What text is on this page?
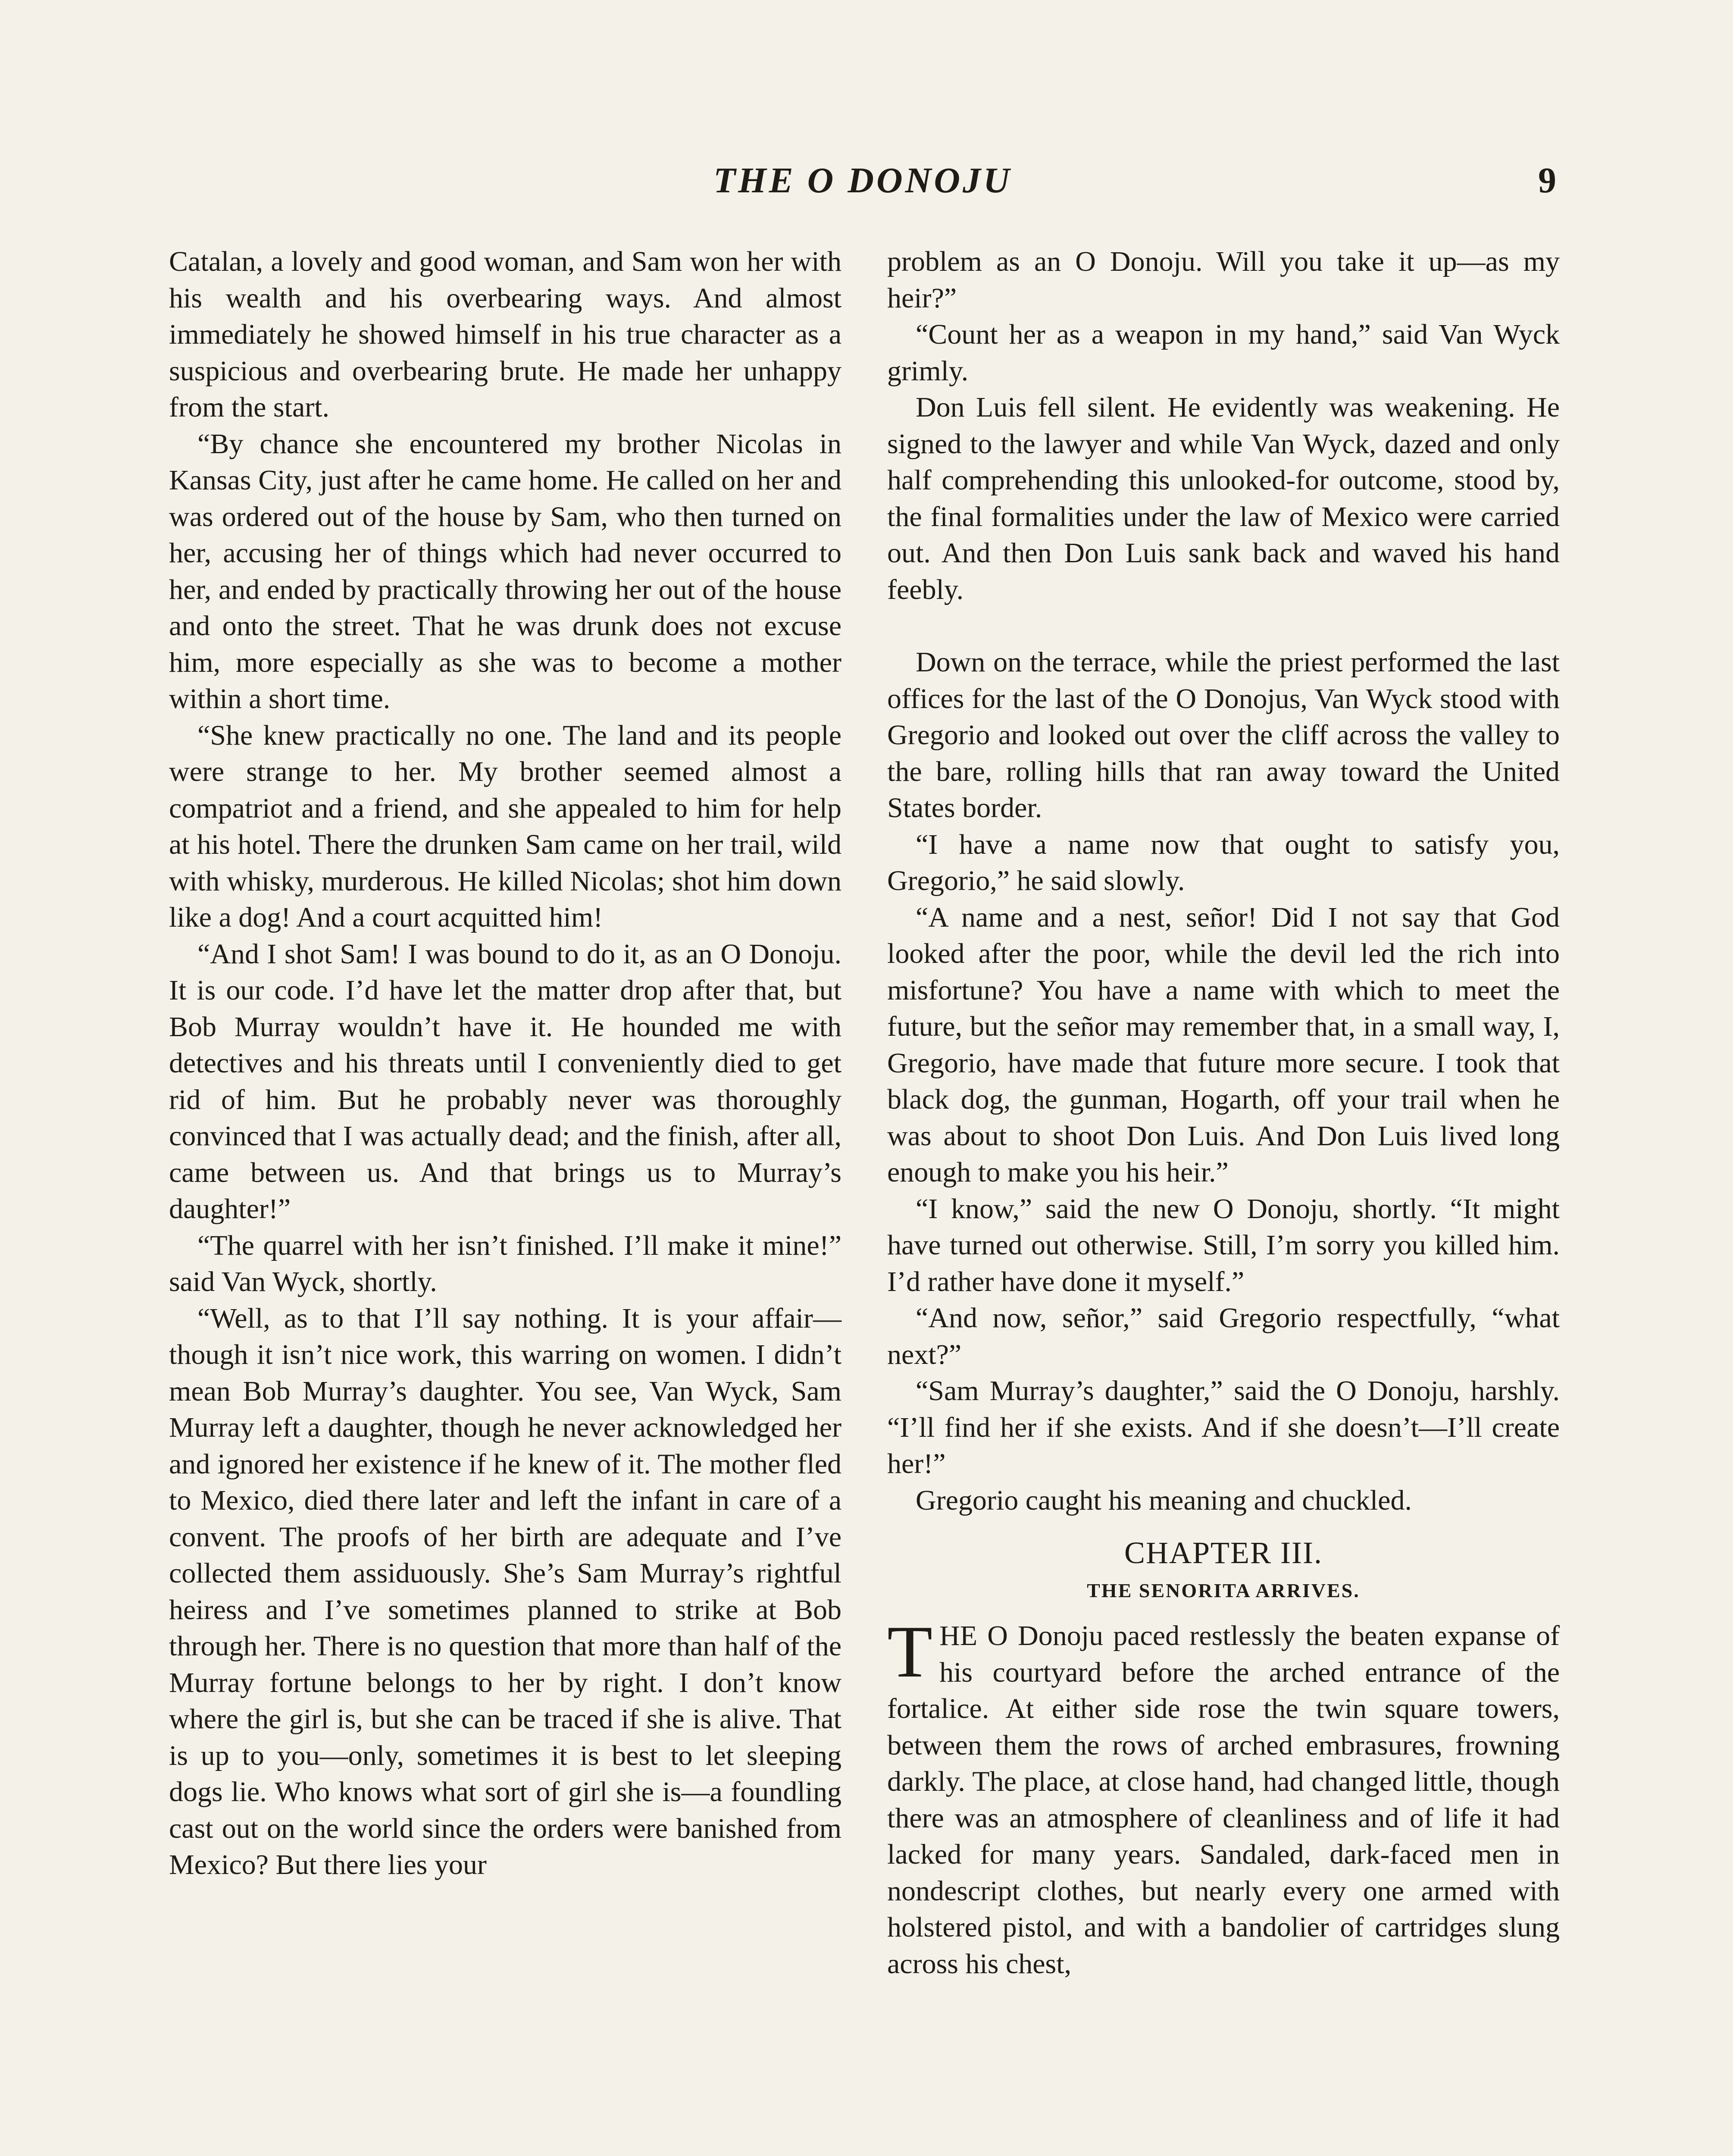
THE O DONOJU	9

Catalan, a lovely and good woman, and Sam won her with his wealth and his overbearing ways. And almost immediately he showed himself in his true character as a suspicious and overbearing brute. He made her unhappy from the start.

“By chance she encountered my brother Nicolas in Kansas City, just after he came home. He called on her and was ordered out of the house by Sam, who then turned on her, accusing her of things which had never occurred to her, and ended by practically throwing her out of the house and onto the street. That he was drunk does not excuse him, more especially as she was to become a mother within a short time.

“She knew practically no one. The land and its people were strange to her. My brother seemed almost a compatriot and a friend, and she appealed to him for help at his hotel. There the drunken Sam came on her trail, wild with whisky, murderous. He killed Nicolas; shot him down like a dog! And a court acquitted him!

“And I shot Sam! I was bound to do it, as an O Donoju. It is our code. I’d have let the matter drop after that, but Bob Murray wouldn’t have it. He hounded me with detectives and his threats until I conveniently died to get rid of him. But he probably never was thoroughly convinced that I was actually dead; and the finish, after all, came between us. And that brings us to Murray’s daughter!”

“The quarrel with her isn’t finished. I’ll make it mine!” said Van Wyck, shortly.

“Well, as to that I’ll say nothing. It is your affair—though it isn’t nice work, this warring on women. I didn’t mean Bob Murray’s daughter. You see, Van Wyck, Sam Murray left a daughter, though he never acknowledged her and ignored her existence if he knew of it. The mother fled to Mexico, died there later and left the infant in care of a convent. The proofs of her birth are adequate and I’ve collected them assiduously. She’s Sam Murray’s rightful heiress and I’ve sometimes planned to strike at Bob through her. There is no question that more than half of the Murray fortune belongs to her by right. I don’t know where the girl is, but she can be traced if she is alive. That is up to you—only, sometimes it is best to let sleeping dogs lie. Who knows what sort of girl she is—a foundling cast out on the world since the orders were banished from Mexico? But there lies your

problem as an O Donoju. Will you take it up—as my heir?”

“Count her as a weapon in my hand,” said Van Wyck grimly.

Don Luis fell silent. He evidently was weakening. He signed to the lawyer and while Van Wyck, dazed and only half comprehending this unlooked-for outcome, stood by, the final formalities under the law of Mexico were carried out. And then Don Luis sank back and waved his hand feebly.

Down on the terrace, while the priest performed the last offices for the last of the O Donojus, Van Wyck stood with Gregorio and looked out over the cliff across the valley to the bare, rolling hills that ran away toward the United States border.

“I have a name now that ought to satisfy you, Gregorio,” he said slowly.

“A name and a nest, señor! Did I not say that God looked after the poor, while the devil led the rich into misfortune? You have a name with which to meet the future, but the señor may remember that, in a small way, I, Gregorio, have made that future more secure. I took that black dog, the gunman, Hogarth, off your trail when he was about to shoot Don Luis. And Don Luis lived long enough to make you his heir.”

“I know,” said the new O Donoju, shortly. “It might have turned out otherwise. Still, I’m sorry you killed him. I’d rather have done it myself.”

“And now, señor,” said Gregorio respectfully, “what next?”

“Sam Murray’s daughter,” said the O Donoju, harshly. “I’ll find her if she exists. And if she doesn’t—I’ll create her!”

Gregorio caught his meaning and chuckled.

CHAPTER III.
THE SENORITA ARRIVES.

THE O Donoju paced restlessly the beaten expanse of his courtyard before the arched entrance of the fortalice. At either side rose the twin square towers, between them the rows of arched embrasures, frowning darkly. The place, at close hand, had changed little, though there was an atmosphere of cleanliness and of life it had lacked for many years. Sandaled, dark-faced men in nondescript clothes, but nearly every one armed with holstered pistol, and with a bandolier of cartridges slung across his chest,
